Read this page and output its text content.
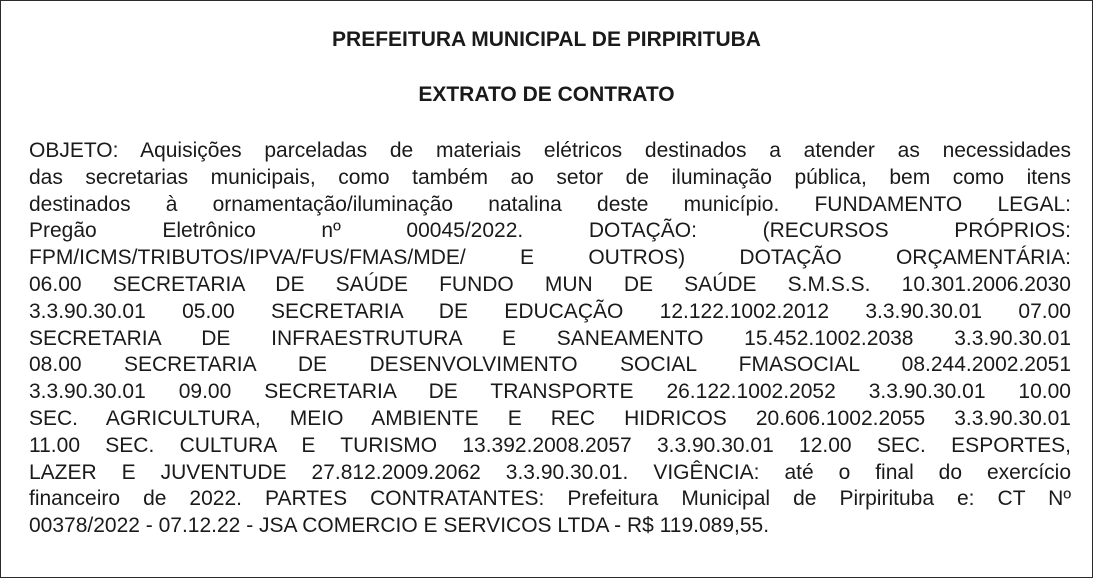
PREFEITURA MUNICIPAL DE PIRPIRITUBA
EXTRATO DE CONTRATO
OBJETO: Aquisições parceladas de materiais elétricos destinados a atender as necessidades
das secretarias municipais, como também ao setor de iluminação pública, bem como itens
destinados à ornamentação/iluminação natalina deste município. FUNDAMENTO LEGAL:
Pregão Eletrônico nº 00045/2022. DOTAÇÃO: (RECURSOS PRÓPRIOS:
FPM/ICMS/TRIBUTOS/IPVA/FUS/FMAS/MDE/ E OUTROS) DOTAÇÃO ORÇAMENTÁRIA:
06.00 SECRETARIA DE SAÚDE FUNDO MUN DE SAÚDE S.M.S.S. 10.301.2006.2030
3.3.90.30.01 05.00 SECRETARIA DE EDUCAÇÃO 12.122.1002.2012 3.3.90.30.01 07.00
SECRETARIA DE INFRAESTRUTURA E SANEAMENTO 15.452.1002.2038 3.3.90.30.01
08.00 SECRETARIA DE DESENVOLVIMENTO SOCIAL FMASOCIAL 08.244.2002.2051
3.3.90.30.01 09.00 SECRETARIA DE TRANSPORTE 26.122.1002.2052 3.3.90.30.01 10.00
SEC. AGRICULTURA, MEIO AMBIENTE E REC HIDRICOS 20.606.1002.2055 3.3.90.30.01
11.00 SEC. CULTURA E TURISMO 13.392.2008.2057 3.3.90.30.01 12.00 SEC. ESPORTES,
LAZER E JUVENTUDE 27.812.2009.2062 3.3.90.30.01. VIGÊNCIA: até o final do exercício
financeiro de 2022. PARTES CONTRATANTES: Prefeitura Municipal de Pirpirituba e: CT Nº
00378/2022 - 07.12.22 - JSA COMERCIO E SERVICOS LTDA - R$ 119.089,55.
